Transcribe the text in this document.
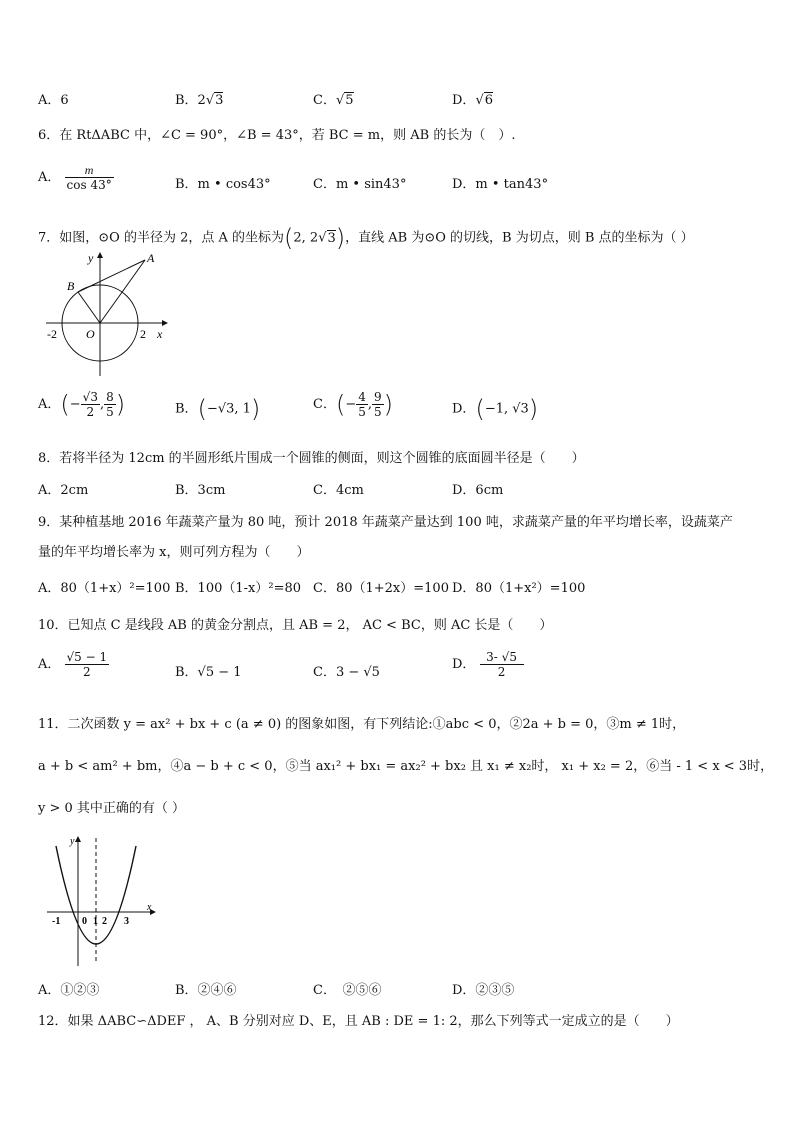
A．6	B．2√3	C．√5	D．√6
6．在 RtΔABC 中，∠C = 90°，∠B = 43°，若 BC = m，则 AB 的长为（　）.
A． $\frac{m}{\cos 43^\circ}$	B．m • cos43°	C．m • sin43°	D．m • tan43°
7．如图，⊙O 的半径为 2，点 A 的坐标为(2, 2√3)，直线 AB 为⊙O 的切线，B 为切点，则 B 点的坐标为（ ）
y	A
B
O
-2	2 x
A．(− $\frac{√3}{2}$ , $\frac{8}{5}$ )	B．(−√3, 1)	C．(− $\frac{4}{5}$ , $\frac{9}{5}$ )	D．(−1, √3)
8．若将半径为 12cm 的半圆形纸片围成一个圆锥的侧面，则这个圆锥的底面圆半径是（　　）
A．2cm	B．3cm	C．4cm	D．6cm
9．某种植基地 2016 年蔬菜产量为 80 吨，预计 2018 年蔬菜产量达到 100 吨，求蔬菜产量的年平均增长率，设蔬菜产
量的年平均增长率为 x，则可列方程为（　　）
A．80（1+x）²=100 B．100（1-x）²=80 C．80（1+2x）=100 D．80（1+x²）=100
10．已知点 C 是线段 AB 的黄金分割点，且 AB = 2， AC < BC，则 AC 长是（　　）
A． $\frac{√5 - 1}{2}$	B．√5 − 1	C．3 − √5
D． $\frac{3- √5}{2}$
11．二次函数 y = ax² + bx + c (a ≠ 0) 的图象如图，有下列结论:①abc < 0，②2a + b = 0，③m ≠ 1时，
a + b < am² + bm，④a − b + c < 0，⑤当 ax₁² + bx₁ = ax₂² + bx₂ 且 x₁ ≠ x₂时， x₁ + x₂ = 2，⑥当 - 1 < x < 3时，
y > 0 其中正确的有（ ）
y
x
-1 0 1 2 3
A．①②③	B．②④⑥	C．　②⑤⑥	D．②③⑤
12．如果 ΔABC∽ΔDEF ， A、B 分别对应 D、E，且 AB : DE = 1: 2，那么下列等式一定成立的是（　　）
